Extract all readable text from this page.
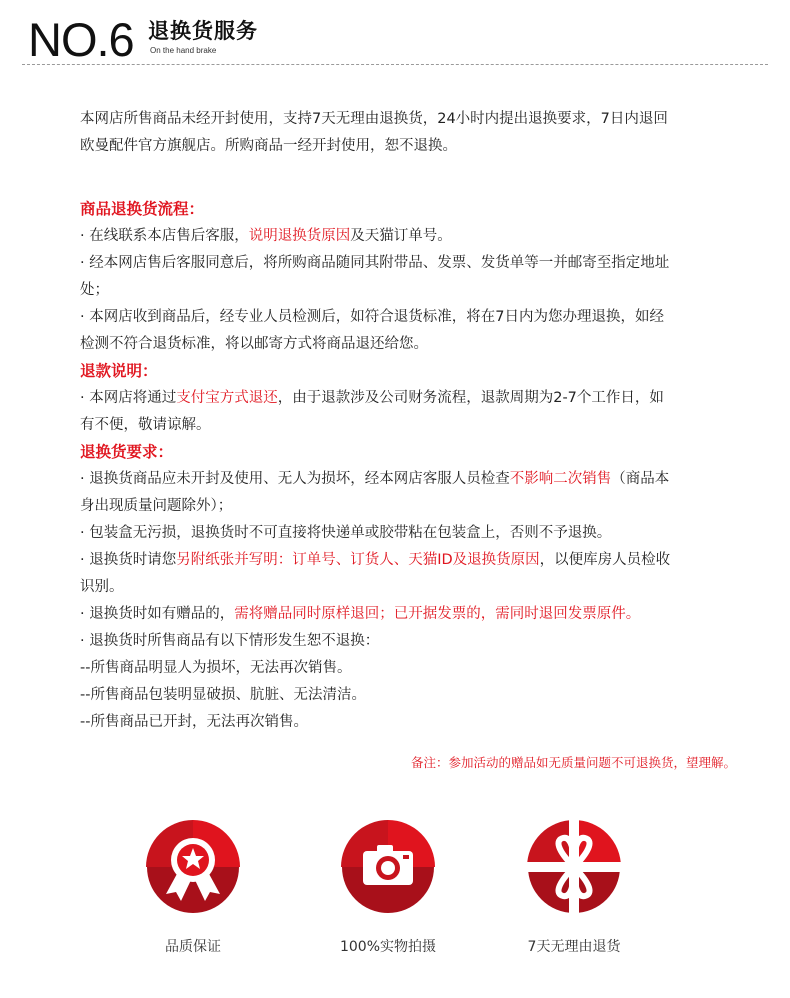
NO.6 退换货服务
On the hand brake

本网店所售商品未经开封使用，支持7天无理由退换货，24小时内提出退换要求，7日内退回

欧曼配件官方旗舰店。所购商品一经开封使用，恕不退换。

商品退换货流程：

· 在线联系本店售后客服，说明退换货原因及天猫订单号。

· 经本网店售后客服同意后，将所购商品随同其附带品、发票、发货单等一并邮寄至指定地址

处；

· 本网店收到商品后，经专业人员检测后，如符合退货标准，将在7日内为您办理退换，如经

检测不符合退货标准，将以邮寄方式将商品退还给您。

退款说明：

· 本网店将通过支付宝方式退还，由于退款涉及公司财务流程，退款周期为2-7个工作日，如

有不便，敬请谅解。

退换货要求：

· 退换货商品应未开封及使用、无人为损坏，经本网店客服人员检查不影响二次销售（商品本

身出现质量问题除外）；

· 包装盒无污损，退换货时不可直接将快递单或胶带粘在包装盒上，否则不予退换。

· 退换货时请您另附纸张并写明：订单号、订货人、天猫ID及退换货原因，以便库房人员检收

识别。

· 退换货时如有赠品的，需将赠品同时原样退回；已开据发票的，需同时退回发票原件。

· 退换货时所售商品有以下情形发生恕不退换：

--所售商品明显人为损坏，无法再次销售。

--所售商品包装明显破损、肮脏、无法清洁。

--所售商品已开封，无法再次销售。

备注：参加活动的赠品如无质量问题不可退换货，望理解。
品质保证	100%实物拍摄	7天无理由退货
